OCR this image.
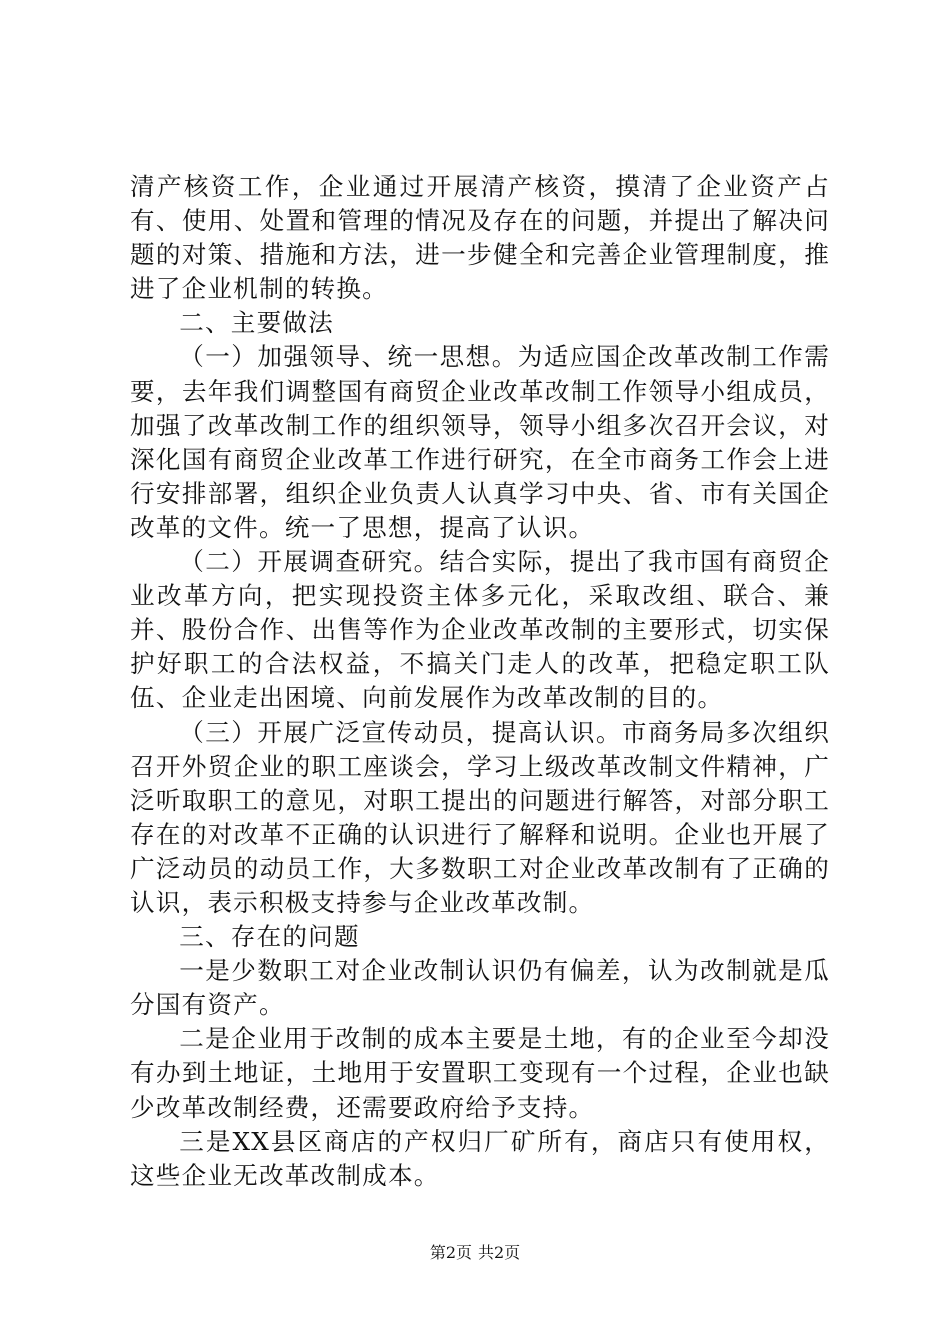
清产核资工作，企业通过开展清产核资，摸清了企业资产占有、使用、处置和管理的情况及存在的问题，并提出了解决问题的对策、措施和方法，进一步健全和完善企业管理制度，推进了企业机制的转换。

二、主要做法

（一）加强领导、统一思想。为适应国企改革改制工作需要，去年我们调整国有商贸企业改革改制工作领导小组成员，加强了改革改制工作的组织领导，领导小组多次召开会议，对深化国有商贸企业改革工作进行研究，在全市商务工作会上进行安排部署，组织企业负责人认真学习中央、省、市有关国企改革的文件。统一了思想，提高了认识。

（二）开展调查研究。结合实际，提出了我市国有商贸企业改革方向，把实现投资主体多元化，采取改组、联合、兼并、股份合作、出售等作为企业改革改制的主要形式，切实保护好职工的合法权益，不搞关门走人的改革，把稳定职工队伍、企业走出困境、向前发展作为改革改制的目的。

（三）开展广泛宣传动员，提高认识。市商务局多次组织召开外贸企业的职工座谈会，学习上级改革改制文件精神，广泛听取职工的意见，对职工提出的问题进行解答，对部分职工存在的对改革不正确的认识进行了解释和说明。企业也开展了广泛动员的动员工作，大多数职工对企业改革改制有了正确的认识，表示积极支持参与企业改革改制。

三、存在的问题

一是少数职工对企业改制认识仍有偏差，认为改制就是瓜分国有资产。

二是企业用于改制的成本主要是土地，有的企业至今却没有办到土地证，土地用于安置职工变现有一个过程，企业也缺少改革改制经费，还需要政府给予支持。

三是XX县区商店的产权归厂矿所有，商店只有使用权，这些企业无改革改制成本。

第2页 共2页
